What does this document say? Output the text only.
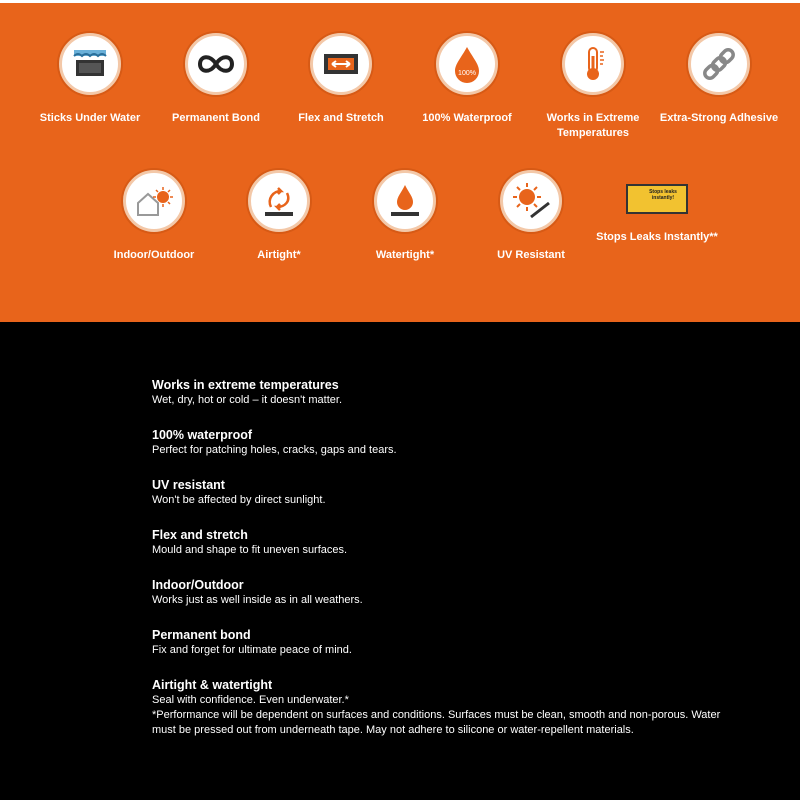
Sticks Under Water	Permanent Bond	Flex and Stretch
100%
100% Waterproof	Works in Extreme Temperatures
Extra-Strong Adhesive
Indoor/Outdoor	Airtight*	Watertight*	UV Resistant
Stops leaks instantly!
Stops Leaks Instantly**
Works in extreme temperatures

Wet, dry, hot or cold – it doesn't matter.

100% waterproof

Perfect for patching holes, cracks, gaps and tears.

UV resistant

Won't be affected by direct sunlight.

Flex and stretch

Mould and shape to fit uneven surfaces.

Indoor/Outdoor

Works just as well inside as in all weathers.

Permanent bond

Fix and forget for ultimate peace of mind.

Airtight & watertight

Seal with confidence. Even underwater.*

*Performance will be dependent on surfaces and conditions. Surfaces must be clean, smooth and non-porous. Water must be pressed out from underneath tape. May not adhere to silicone or water-repellent materials.
